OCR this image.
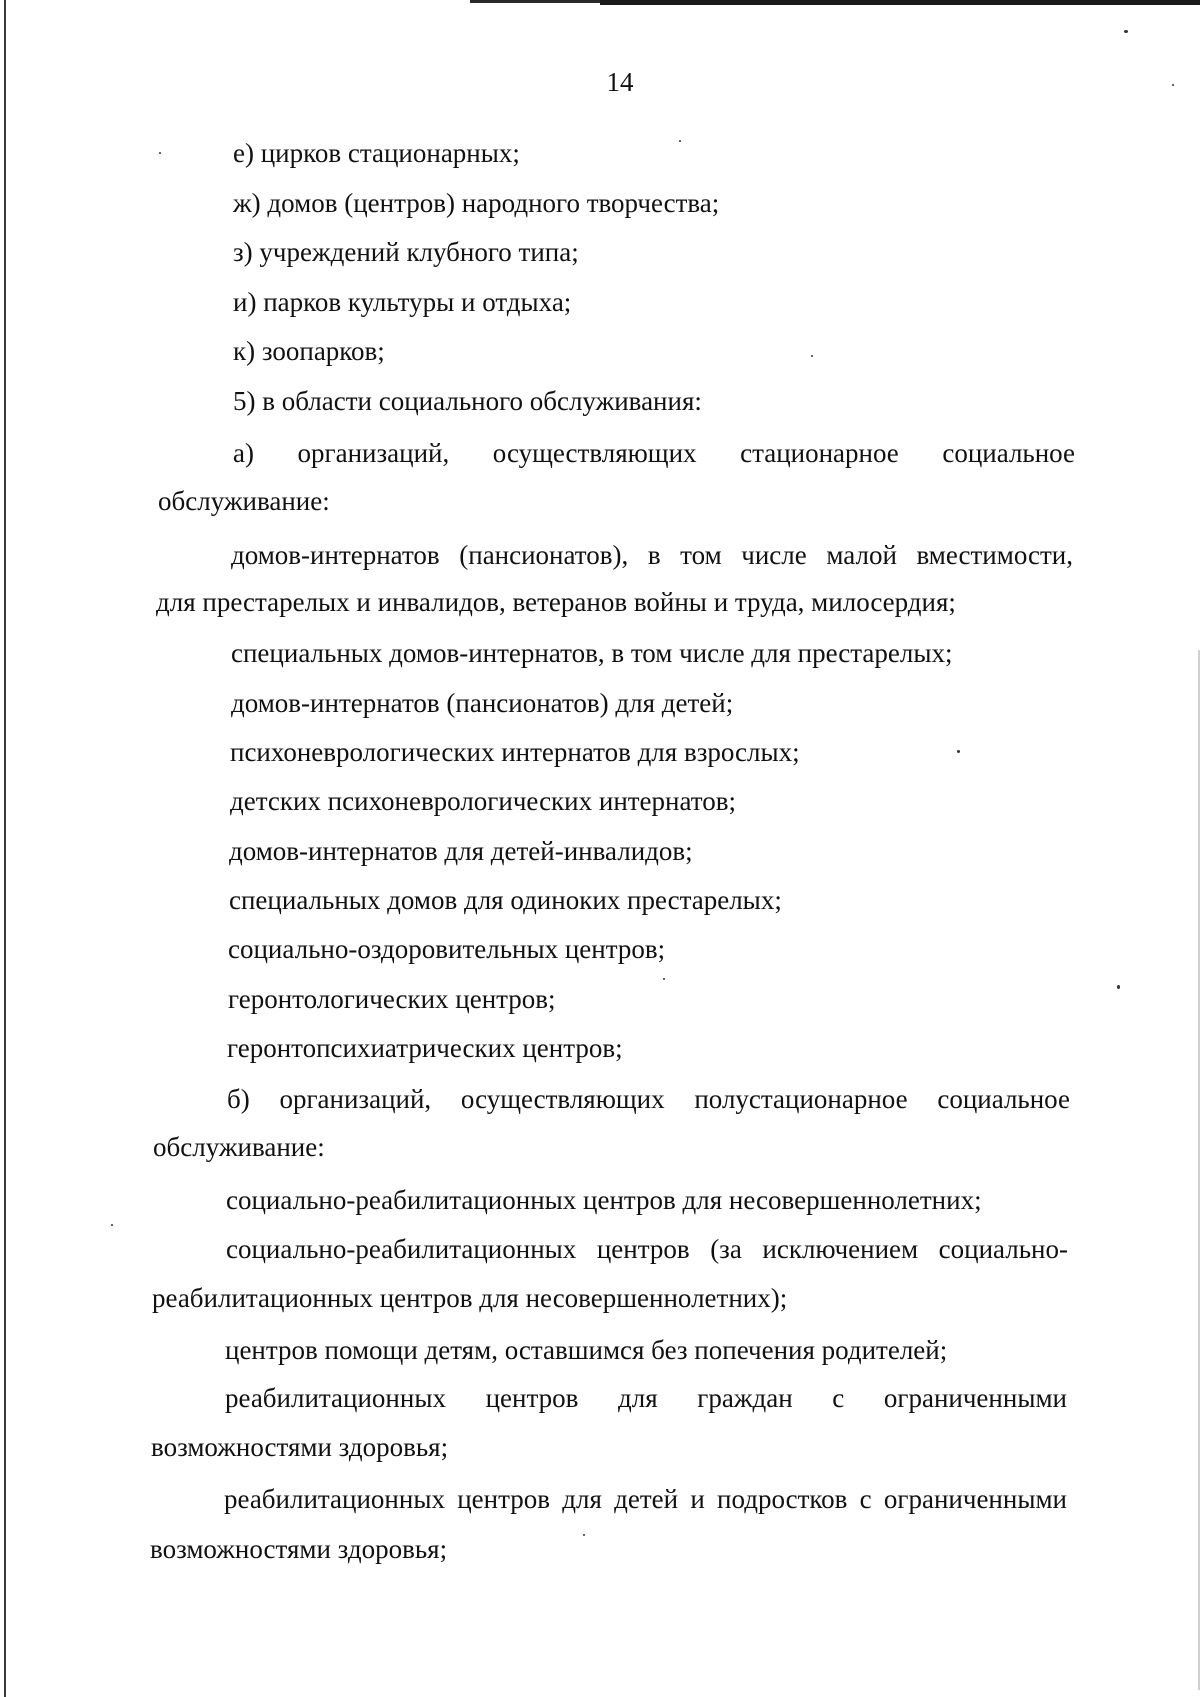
14

е) цирков стационарных;

ж) домов (центров) народного творчества;

з) учреждений клубного типа;

и) парков культуры и отдыха;

к) зоопарков;

5) в области социального обслуживания:

а) организаций, осуществляющих стационарное социальное

обслуживание:

домов-интернатов (пансионатов), в том числе малой вместимости,

для престарелых и инвалидов, ветеранов войны и труда, милосердия;

специальных домов-интернатов, в том числе для престарелых;

домов-интернатов (пансионатов) для детей;

психоневрологических интернатов для взрослых;

детских психоневрологических интернатов;

домов-интернатов для детей-инвалидов;

специальных домов для одиноких престарелых;

социально-оздоровительных центров;

геронтологических центров;

геронтопсихиатрических центров;

б) организаций, осуществляющих полустационарное социальное

обслуживание:

социально-реабилитационных центров для несовершеннолетних;

социально-реабилитационных центров (за исключением социально-

реабилитационных центров для несовершеннолетних);

центров помощи детям, оставшимся без попечения родителей;

реабилитационных центров для граждан с ограниченными

возможностями здоровья;

реабилитационных центров для детей и подростков с ограниченными

возможностями здоровья;
